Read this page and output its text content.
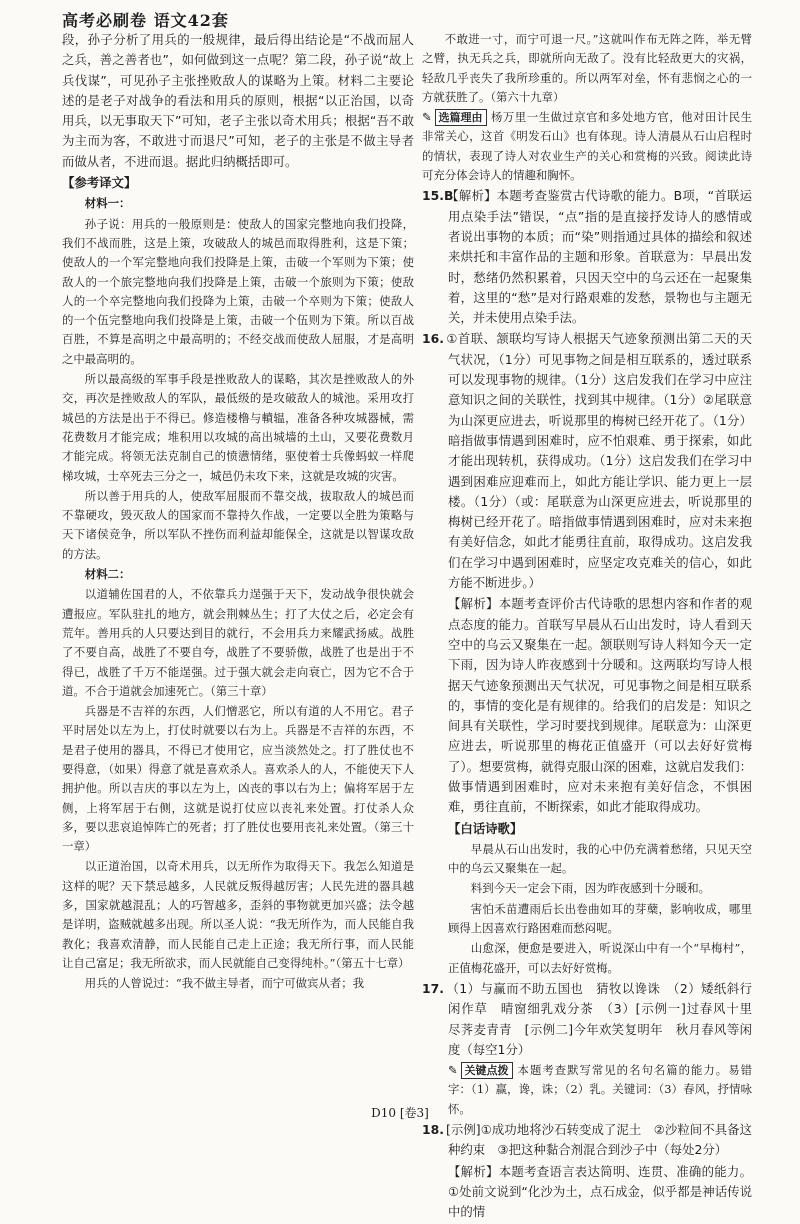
高考必刷卷 语文42套

段，孙子分析了用兵的一般规律，最后得出结论是“不战而屈人之兵，善之善者也”，如何做到这一点呢？第二段，孙子说“故上兵伐谋”，可见孙子主张挫败敌人的谋略为上策。材料二主要论述的是老子对战争的看法和用兵的原则，根据“以正治国，以奇用兵，以无事取天下”可知，老子主张以奇术用兵；根据“吾不敢为主而为客，不敢进寸而退尺”可知，老子的主张是不做主导者而做从者，不进而退。据此归纳概括即可。

【参考译文】

材料一：

孙子说：用兵的一般原则是：使敌人的国家完整地向我们投降，我们不战而胜，这是上策，攻破敌人的城邑而取得胜利，这是下策；使敌人的一个军完整地向我们投降是上策，击破一个军则为下策；使敌人的一个旅完整地向我们投降是上策，击破一个旅则为下策；使敌人的一个卒完整地向我们投降为上策，击破一个卒则为下策；使敌人的一个伍完整地向我们投降是上策，击破一个伍则为下策。所以百战百胜，不算是高明之中最高明的；不经交战而使敌人屈服，才是高明之中最高明的。

所以最高级的军事手段是挫败敌人的谋略，其次是挫败敌人的外交，再次是挫败敌人的军队，最低级的是攻破敌人的城池。采用攻打城邑的方法是出于不得已。修造楼橹与轒辒，准备各种攻城器械，需花费数月才能完成；堆积用以攻城的高出城墙的土山，又要花费数月才能完成。将领无法克制自己的愤懑情绪，驱使着士兵像蚂蚁一样爬梯攻城，士卒死去三分之一，城邑仍未攻下来，这就是攻城的灾害。

所以善于用兵的人，使敌军屈服而不靠交战，拔取敌人的城邑而不靠硬攻，毁灭敌人的国家而不靠持久作战，一定要以全胜为策略与天下诸侯竞争，所以军队不挫伤而利益却能保全，这就是以智谋攻敌的方法。

材料二：

以道辅佐国君的人，不依靠兵力逞强于天下，发动战争很快就会遭报应。军队驻扎的地方，就会荆棘丛生；打了大仗之后，必定会有荒年。善用兵的人只要达到目的就行，不会用兵力来耀武扬威。战胜了不要自高，战胜了不要自夸，战胜了不要骄傲，战胜了也是出于不得已，战胜了千万不能逞强。过于强大就会走向衰亡，因为它不合于道。不合于道就会加速死亡。（第三十章）

兵器是不吉祥的东西，人们憎恶它，所以有道的人不用它。君子平时居处以左为上，打仗时就要以右为上。兵器是不吉祥的东西，不是君子使用的器具，不得已才使用它，应当淡然处之。打了胜仗也不要得意，（如果）得意了就是喜欢杀人。喜欢杀人的人，不能使天下人拥护他。所以吉庆的事以左为上，凶丧的事以右为上；偏将军居于左侧，上将军居于右侧，这就是说打仗应以丧礼来处置。打仗杀人众多，要以悲哀追悼阵亡的死者；打了胜仗也要用丧礼来处置。（第三十一章）

以正道治国，以奇术用兵，以无所作为取得天下。我怎么知道是这样的呢？天下禁忌越多，人民就反叛得越厉害；人民先进的器具越多，国家就越混乱；人的巧智越多，歪斜的事物就更加兴盛；法令越是详明，盗贼就越多出现。所以圣人说：“我无所作为，而人民能自我教化；我喜欢清静，而人民能自己走上正途；我无所行事，而人民能让自己富足；我无所欲求，而人民就能自己变得纯朴。”（第五十七章）

用兵的人曾说过：“我不做主导者，而宁可做宾从者；我

不敢进一寸，而宁可退一尺。”这就叫作布无阵之阵，举无臂之臂，执无兵之兵，即就所向无敌了。没有比轻敌更大的灾祸，轻敌几乎丧失了我所珍重的。所以两军对垒，怀有悲悯之心的一方就获胜了。（第六十九章）

✎ 选篇理由 杨万里一生做过京官和多处地方官，他对田计民生非常关心，这首《明发石山》也有体现。诗人清晨从石山启程时的情状，表现了诗人对农业生产的关心和赏梅的兴致。阅读此诗可充分体会诗人的情趣和胸怀。

15.B【解析】本题考查鉴赏古代诗歌的能力。B项，“首联运用点染手法”错误，“点”指的是直接抒发诗人的感情或者说出事物的本质；而“染”则指通过具体的描绘和叙述来烘托和丰富作品的主题和形象。首联意为：早晨出发时，愁绪仍然积累着，只因天空中的乌云还在一起聚集着，这里的“愁”是对行路艰难的发愁，景物也与主题无关，并未使用点染手法。

16. ①首联、颔联均写诗人根据天气迹象预测出第二天的天气状况，（1分）可见事物之间是相互联系的，透过联系可以发现事物的规律。（1分）这启发我们在学习中应注意知识之间的关联性，找到其中规律。（1分）②尾联意为山深更应进去，听说那里的梅树已经开花了。（1分）暗指做事情遇到困难时，应不怕艰难、勇于探索，如此才能出现转机，获得成功。（1分）这启发我们在学习中遇到困难应迎难而上，如此方能让学识、能力更上一层楼。（1分）（或：尾联意为山深更应进去，听说那里的梅树已经开花了。暗指做事情遇到困难时，应对未来抱有美好信念，如此才能勇往直前，取得成功。这启发我们在学习中遇到困难时，应坚定攻克难关的信心，如此方能不断进步。）

【解析】本题考查评价古代诗歌的思想内容和作者的观点态度的能力。首联写早晨从石山出发时，诗人看到天空中的乌云又聚集在一起。颔联则写诗人料知今天一定下雨，因为诗人昨夜感到十分暖和。这两联均写诗人根据天气迹象预测出天气状况，可见事物之间是相互联系的，事情的变化是有规律的。给我们的启发是：知识之间具有关联性，学习时要找到规律。尾联意为：山深更应进去，听说那里的梅花正值盛开（可以去好好赏梅了）。想要赏梅，就得克服山深的困难，这就启发我们：做事情遇到困难时，应对未来抱有美好信念，不惧困难，勇往直前，不断探索，如此才能取得成功。

【白话诗歌】

早晨从石山出发时，我的心中仍充满着愁绪，只见天空中的乌云又聚集在一起。

料到今天一定会下雨，因为昨夜感到十分暖和。

害怕禾苗遭雨后长出卷曲如耳的芽蘖，影响收成，哪里顾得上因喜欢行路困难而愁闷呢。

山愈深，便愈是要进入，听说深山中有一个“早梅村”，正值梅花盛开，可以去好好赏梅。

17. （1）与赢而不助五国也　猜牧以谗诛　（2）矮纸斜行闲作草　晴窗细乳戏分茶　（3）[示例一]过春风十里　尽荠麦青青　[示例二]今年欢笑复明年　秋月春风等闲度（每空1分）

✎ 关键点拨 本题考查默写常见的名句名篇的能力。易错字：（1）赢，谗，诛；（2）乳。关键词：（3）春风，抒情咏怀。

18. [示例]①成功地将沙石转变成了泥土　②沙粒间不具备这种约束　③把这种黏合剂混合到沙子中（每处2分）

【解析】本题考查语言表达简明、连贯、准确的能力。①处前文说到“化沙为土，点石成金，似乎都是神话传说中的情

D10 [卷3]
